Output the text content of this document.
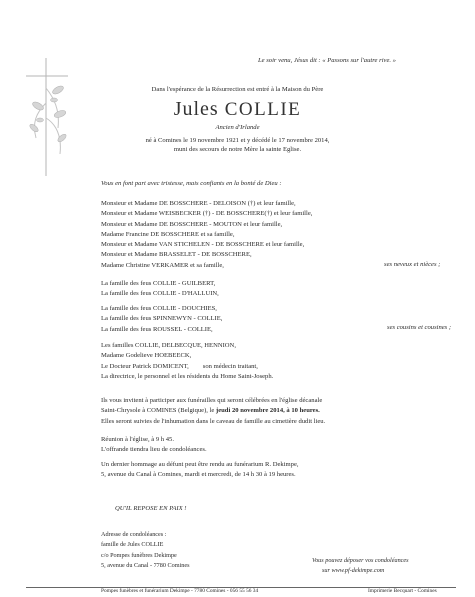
Le soir venu, Jésus dit : « Passons sur l'autre rive. »
Dans l'espérance de la Résurrection est entré à la Maison du Père
Jules COLLIE
Ancien d'Irlande
né à Comines le 19 novembre 1921 et y décédé le 17 novembre 2014,
muni des secours de notre Mère la sainte Eglise.
Vous en font part avec tristesse, mais confiants en la bonté de Dieu :
Monsieur et Madame DE BOSSCHERE - DELOISON (†) et leur famille,
Monsieur et Madame WEISBECKER (†) - DE BOSSCHERE(†) et leur famille,
Monsieur et Madame DE BOSSCHERE - MOUTON et leur famille,
Madame Francine DE BOSSCHERE et sa famille,
Monsieur et Madame VAN STICHELEN - DE BOSSCHERE et leur famille,
Monsieur et Madame BRASSELET - DE BOSSCHERE,
Madame Christine VERKAMER et sa famille,	ses neveux et nièces ;
La famille des feus COLLIE - GUILBERT,
La famille des feus COLLIE - D'HALLUIN,
La famille des feus COLLIE - DOUCHIES,
La famille des feus SPINNEWYN - COLLIE,
La famille des feus ROUSSEL - COLLIE,	ses cousins et cousines ;
Les familles COLLIE, DELBECQUE, HENNION,
Madame Godelieve HOEBEECK,
Le Docteur Patrick DOMICENT, son médecin traitant,
La directrice, le personnel et les résidents du Home Saint-Joseph.
Ils vous invitent à participer aux funérailles qui seront célébrées en l'église décanale
Saint-Chrysole à COMINES (Belgique), le jeudi 20 novembre 2014, à 10 heures.
Elles seront suivies de l'inhumation dans le caveau de famille au cimetière dudit lieu.
Réunion à l'église, à 9 h 45.
L'offrande tiendra lieu de condoléances.
Un dernier hommage au défunt peut être rendu au funérarium R. Dekimpe,
5, avenue du Canal à Comines, mardi et mercredi, de 14 h 30 à 19 heures.
QU'IL REPOSE EN PAIX !
Adresse de condoléances :
famille de Jules COLLIE
c/o Pompes funèbres Dekimpe
5, avenue du Canal - 7780 Comines
Vous pouvez déposer vos condoléances
sur www.pf-dekimpe.com
Pompes funèbres et funérarium Dekimpe - 7780 Comines - 056 55 56 34	Imprimerie Becquart - Comines
